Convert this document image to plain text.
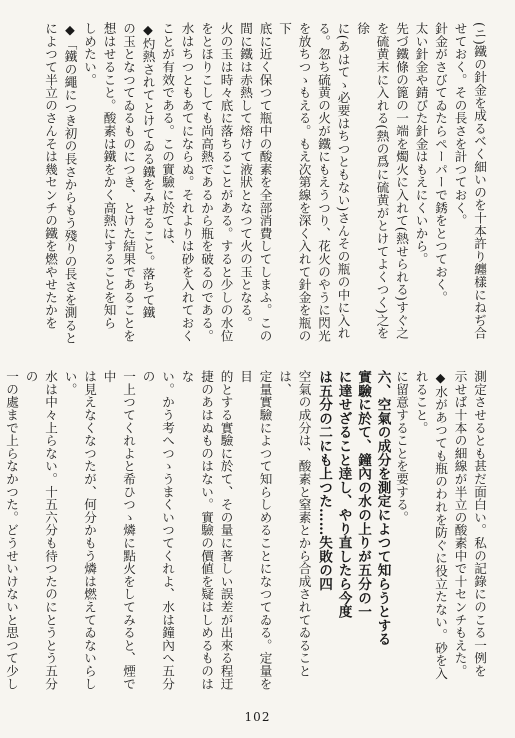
(ニ)鐵の針金を成るべく細いのを十本許り纏樣にねぢ合
せておく。その長さを計つておく。
針金がさびてゐたらペーパーで銹をとつておく。
太い針金や錆びた針金はもえにくいから。
先づ鐵條の篦の一端を燭火に入れて(熱せられる)すぐ之
を硫黄末に入れる(熱の爲に硫黄がとけてよくつく)之を徐
に(あはてゝ必要はちつともない)さんその瓶の中に入れ
る。忽ち硫黄の火が鐵にもえうつり、花火のやうに閃光
を放ちつゝもえる。もえ次第線を深く入れて針金を瓶の下
底に近く保つて瓶中の酸素を全部消費してしまふ。この
間に鐵は赤熱して熔けて液狀となつて火の玉となる。
火の玉は時々底に落ちることがある。すると少しの水位
をとほりこしても尚高熱であるから瓶を破るのである。
水はちつともあてにならぬ。それよりは砂を入れておく
ことが有效である。この實驗に於ては、
◆灼熱されてとけてゐる鐵をみせること。落ちて鐵
の玉となつてゐるものにつき、とけた結果であることを
想はせること。酸素は鐵をかく高熱にすることを知ら
しめたい。
◆「鐵の繩につき初の長さからもう殘りの長さを測ると
によつて半立のさんそは幾センチの鐵を燃やせたかを
測定させるとも甚だ面白い。私の記錄にのこる一例を
示せば十本の細線が半立の酸素中で十センチもえた。
◆水があつても瓶のわれを防ぐに役立たない。砂を入
れること。
に留意することを要する。
六、空氣の成分を測定によつて知らうとする
實驗に於て、鐘內の水の上りが五分の一
に達せざること逹し、やり直したら今度
は五分の二にも上つた……失敗の四
空氣の成分は、酸素と窒素とから合成されてゐることは、
定量實驗によつて知らしめることになつてゐる。定量を目
的とする實驗に於て、その量に著しい誤差が出來る程迂
捷のあはぬものはない。實驗の價値を疑はしめるものはな
い。かう考へつゝうまくいつてくれよ、水は鐘內へ五分の
一上つてくれよと希ひつゝ燐に點火をしてみると、煙で中
は見えなくなつたが、何分かもう燐は燃えてゐないらしい。
水は中々上らない。十五六分も待つたのにとうとう五分の
一の處まで上らなかつた。どうせいけないと思つて少し
102
